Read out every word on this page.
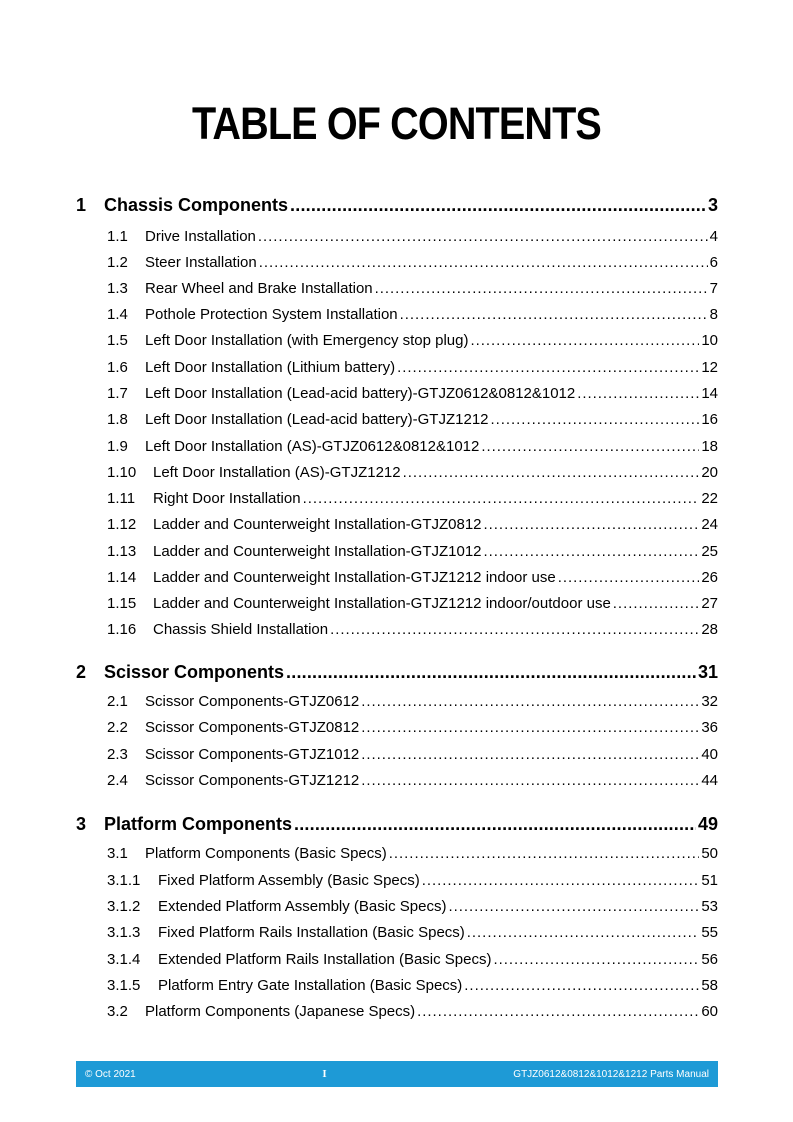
TABLE OF CONTENTS
1 Chassis Components . . .	3
1.1	Drive Installation . . .	4
1.2	Steer Installation . . .	6
1.3	Rear Wheel and Brake Installation . . .	7
1.4	Pothole Protection System Installation . . .	8
1.5	Left Door Installation (with Emergency stop plug) . . .	10
1.6	Left Door Installation (Lithium battery) . . .	12
1.7	Left Door Installation (Lead-acid battery)-GTJZ0612&0812&1012 . . .	14
1.8	Left Door Installation (Lead-acid battery)-GTJZ1212 . . .	16
1.9	Left Door Installation (AS)-GTJZ0612&0812&1012 . . .	18
1.10	Left Door Installation (AS)-GTJZ1212 . . .	20
1.11	Right Door Installation . . .	22
1.12	Ladder and Counterweight Installation-GTJZ0812 . . .	24
1.13	Ladder and Counterweight Installation-GTJZ1012 . . .	25
1.14	Ladder and Counterweight Installation-GTJZ1212 indoor use . . .	26
1.15	Ladder and Counterweight Installation-GTJZ1212 indoor/outdoor use . . .	27
1.16	Chassis Shield Installation . . .	28
2 Scissor Components . . .	31
2.1	Scissor Components-GTJZ0612 . . .	32
2.2	Scissor Components-GTJZ0812 . . .	36
2.3	Scissor Components-GTJZ1012 . . .	40
2.4	Scissor Components-GTJZ1212 . . .	44
3 Platform Components . . .	49
3.1	Platform Components (Basic Specs) . . .	50
3.1.1	Fixed Platform Assembly (Basic Specs) . . .	51
3.1.2	Extended Platform Assembly (Basic Specs) . . .	53
3.1.3	Fixed Platform Rails Installation (Basic Specs) . . .	55
3.1.4	Extended Platform Rails Installation (Basic Specs) . . .	56
3.1.5	Platform Entry Gate Installation (Basic Specs) . . .	58
3.2	Platform Components (Japanese Specs) . . .	60
© Oct 2021	I	GTJZ0612&0812&1012&1212 Parts Manual
